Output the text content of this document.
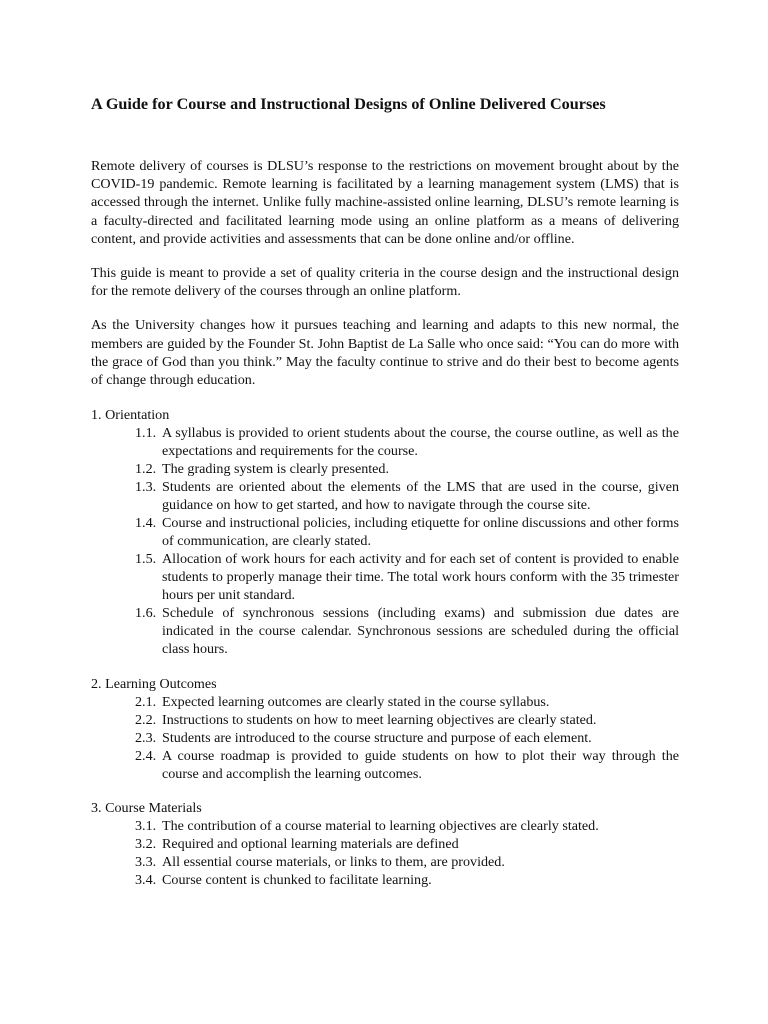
A Guide for Course and Instructional Designs of Online Delivered Courses
Remote delivery of courses is DLSU’s response to the restrictions on movement brought about by the COVID-19 pandemic. Remote learning is facilitated by a learning management system (LMS) that is accessed through the internet. Unlike fully machine-assisted online learning, DLSU’s remote learning is a faculty-directed and facilitated learning mode using an online platform as a means of delivering content, and provide activities and assessments that can be done online and/or offline.
This guide is meant to provide a set of quality criteria in the course design and the instructional design for the remote delivery of the courses through an online platform.
As the University changes how it pursues teaching and learning and adapts to this new normal, the members are guided by the Founder St. John Baptist de La Salle who once said: “You can do more with the grace of God than you think.” May the faculty continue to strive and do their best to become agents of change through education.
1. Orientation
1.1. A syllabus is provided to orient students about the course, the course outline, as well as the expectations and requirements for the course.
1.2. The grading system is clearly presented.
1.3. Students are oriented about the elements of the LMS that are used in the course, given guidance on how to get started, and how to navigate through the course site.
1.4. Course and instructional policies, including etiquette for online discussions and other forms of communication, are clearly stated.
1.5. Allocation of work hours for each activity and for each set of content is provided to enable students to properly manage their time. The total work hours conform with the 35 trimester hours per unit standard.
1.6. Schedule of synchronous sessions (including exams) and submission due dates are indicated in the course calendar. Synchronous sessions are scheduled during the official class hours.
2. Learning Outcomes
2.1. Expected learning outcomes are clearly stated in the course syllabus.
2.2. Instructions to students on how to meet learning objectives are clearly stated.
2.3. Students are introduced to the course structure and purpose of each element.
2.4. A course roadmap is provided to guide students on how to plot their way through the course and accomplish the learning outcomes.
3. Course Materials
3.1. The contribution of a course material to learning objectives are clearly stated.
3.2. Required and optional learning materials are defined
3.3. All essential course materials, or links to them, are provided.
3.4. Course content is chunked to facilitate learning.
